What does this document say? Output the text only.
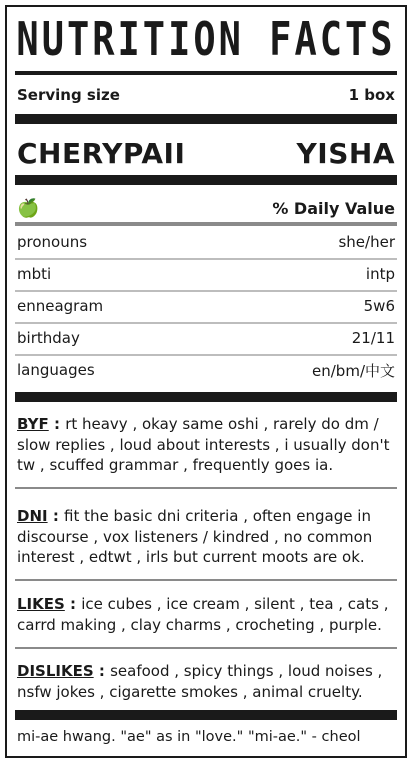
NUTRITION FACTS
Serving size	1 box
CHERYPAII	YISHA
🍏	% Daily Value
pronouns	she/her
mbti	intp
enneagram	5w6
birthday	21/11
languages	en/bm/中文
BYF : rt heavy , okay same oshi , rarely do dm / slow replies , loud about interests , i usually don't tw , scuffed grammar , frequently goes ia.
DNI : fit the basic dni criteria , often engage in discourse , vox listeners / kindred , no common interest , edtwt , irls but current moots are ok.
LIKES : ice cubes , ice cream , silent , tea , cats , carrd making , clay charms , crocheting , purple.
DISLIKES : seafood , spicy things , loud noises , nsfw jokes , cigarette smokes , animal cruelty.
mi-ae hwang. "ae" as in "love." "mi-ae." - cheol
